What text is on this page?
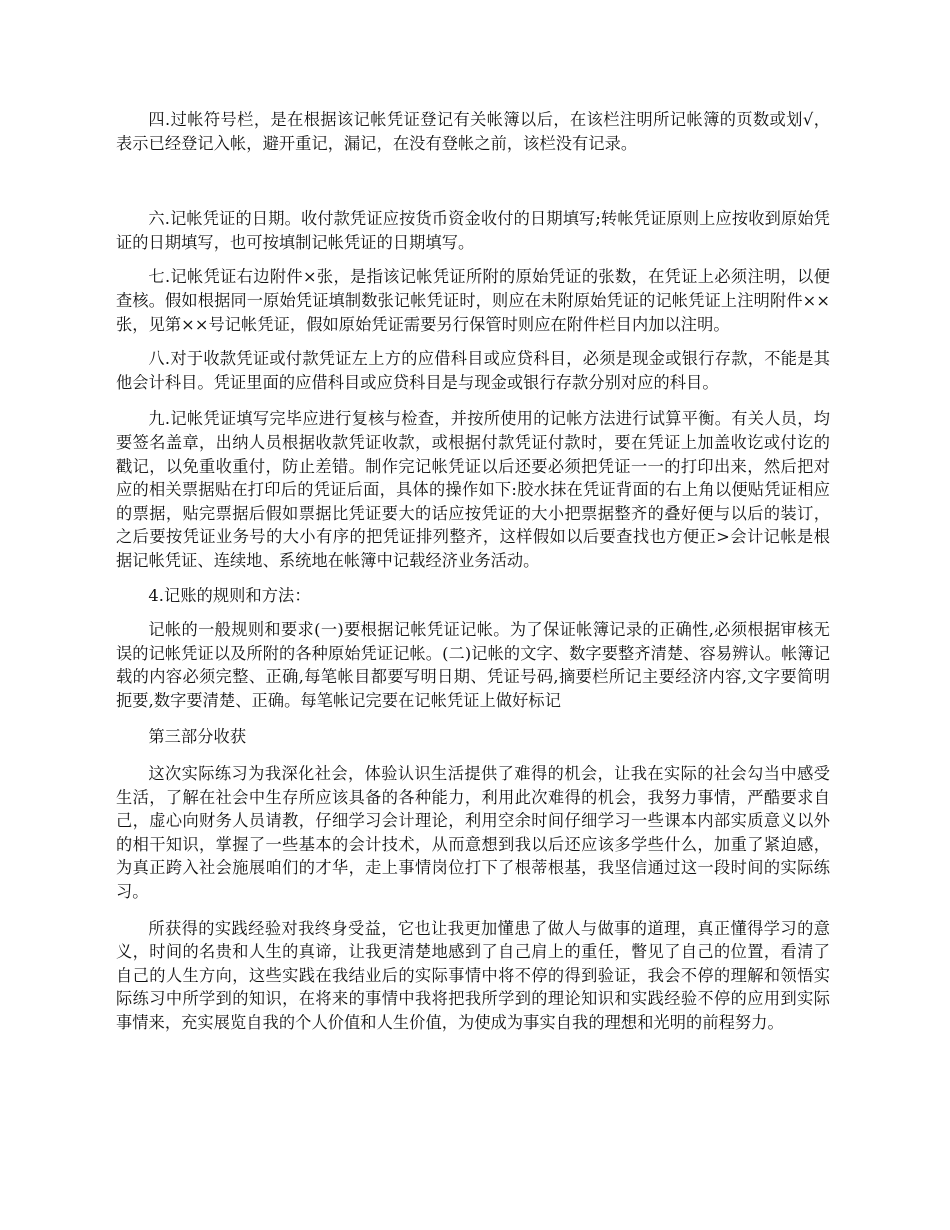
四.过帐符号栏，是在根据该记帐凭证登记有关帐簿以后，在该栏注明所记帐簿的页数或划√，表示已经登记入帐，避开重记，漏记，在没有登帐之前，该栏没有记录。

六.记帐凭证的日期。收付款凭证应按货币资金收付的日期填写;转帐凭证原则上应按收到原始凭证的日期填写，也可按填制记帐凭证的日期填写。

七.记帐凭证右边附件×张，是指该记帐凭证所附的原始凭证的张数，在凭证上必须注明，以便查核。假如根据同一原始凭证填制数张记帐凭证时，则应在未附原始凭证的记帐凭证上注明附件××张，见第××号记帐凭证，假如原始凭证需要另行保管时则应在附件栏目内加以注明。

八.对于收款凭证或付款凭证左上方的应借科目或应贷科目，必须是现金或银行存款，不能是其他会计科目。凭证里面的应借科目或应贷科目是与现金或银行存款分别对应的科目。

九.记帐凭证填写完毕应进行复核与检查，并按所使用的记帐方法进行试算平衡。有关人员，均要签名盖章，出纳人员根据收款凭证收款，或根据付款凭证付款时，要在凭证上加盖收讫或付讫的戳记，以免重收重付，防止差错。制作完记帐凭证以后还要必须把凭证一一的打印出来，然后把对应的相关票据贴在打印后的凭证后面，具体的操作如下:胶水抹在凭证背面的右上角以便贴凭证相应的票据，贴完票据后假如票据比凭证要大的话应按凭证的大小把票据整齐的叠好便与以后的装订，之后要按凭证业务号的大小有序的把凭证排列整齐，这样假如以后要查找也方便正>会计记帐是根据记帐凭证、连续地、系统地在帐簿中记载经济业务活动。

4.记账的规则和方法：

记帐的一般规则和要求(一)要根据记帐凭证记帐。为了保证帐簿记录的正确性,必须根据审核无误的记帐凭证以及所附的各种原始凭证记帐。(二)记帐的文字、数字要整齐清楚、容易辨认。帐簿记载的内容必须完整、正确,每笔帐目都要写明日期、凭证号码,摘要栏所记主要经济内容,文字要简明扼要,数字要清楚、正确。每笔帐记完要在记帐凭证上做好标记

第三部分收获

这次实际练习为我深化社会，体验认识生活提供了难得的机会，让我在实际的社会勾当中感受生活，了解在社会中生存所应该具备的各种能力，利用此次难得的机会，我努力事情，严酷要求自己，虚心向财务人员请教，仔细学习会计理论，利用空余时间仔细学习一些课本内部实质意义以外的相干知识，掌握了一些基本的会计技术，从而意想到我以后还应该多学些什么，加重了紧迫感，为真正跨入社会施展咱们的才华，走上事情岗位打下了根蒂根基，我坚信通过这一段时间的实际练习。

所获得的实践经验对我终身受益，它也让我更加懂患了做人与做事的道理，真正懂得学习的意义，时间的名贵和人生的真谛，让我更清楚地感到了自己肩上的重任，瞥见了自己的位置，看清了自己的人生方向，这些实践在我结业后的实际事情中将不停的得到验证，我会不停的理解和领悟实际练习中所学到的知识，在将来的事情中我将把我所学到的理论知识和实践经验不停的应用到实际事情来，充实展览自我的个人价值和人生价值，为使成为事实自我的理想和光明的前程努力。
